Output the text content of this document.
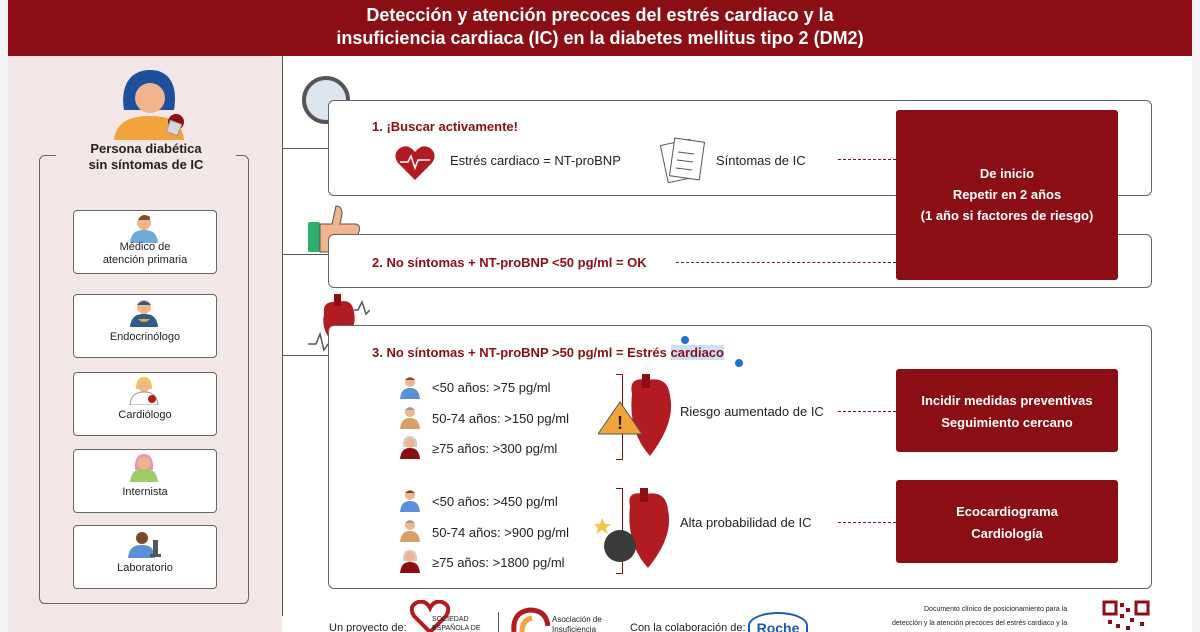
Detección y atención precoces del estrés cardiaco y la
insuficiencia cardiaca (IC) en la diabetes mellitus tipo 2 (DM2)
Persona diabética
sin síntomas de IC
Médico de
atención primaria
Endocrinólogo
Cardiólogo
Internista
Laboratorio
1. ¡Buscar activamente!
Estrés cardiaco = NT-proBNP	Síntomas de IC
2. No síntomas + NT-proBNP <50 pg/ml = OK
De inicio
Repetir en 2 años
(1 año si factores de riesgo)
3. No síntomas + NT-proBNP >50 pg/ml = Estrés cardiaco
<50 años: >75 pg/ml
50-74 años: >150 pg/ml
≥75 años: >300 pg/ml
!
Riesgo aumentado de IC
<50 años: >450 pg/ml
50-74 años: >900 pg/ml
≥75 años: >1800 pg/ml
Alta probabilidad de IC
Incidir medidas preventivas
Seguimiento cercano
Ecocardiograma
Cardiología
Un proyecto de:
SOCIEDAD
ESPAÑOLA DE
Asociación de
Insuficiencia	Con la colaboración de: Roche
Documento clínico de posicionamiento para la
detección y la atención precoces del estrés cardiaco y la
